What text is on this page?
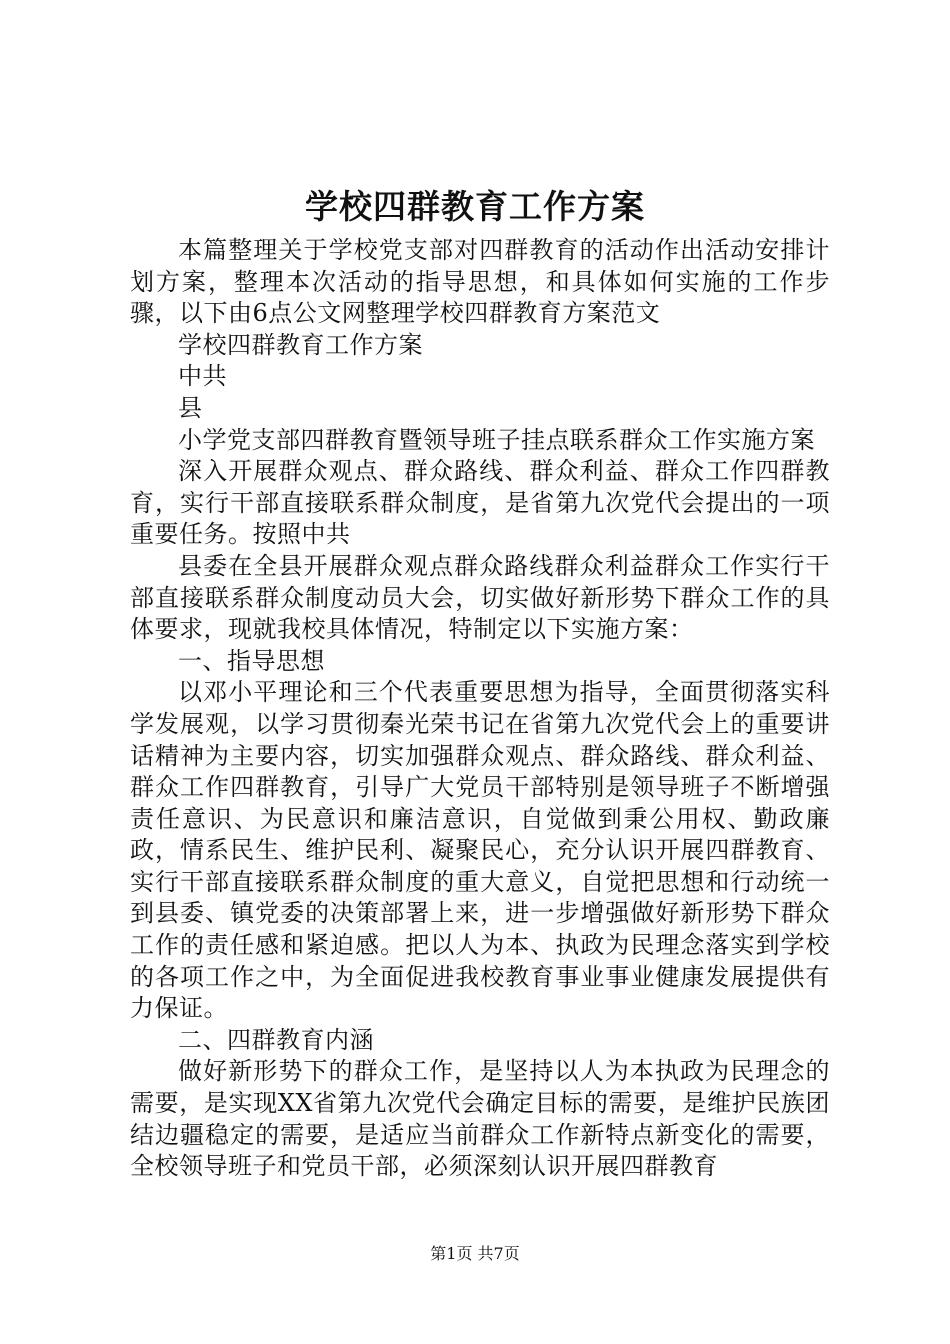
学校四群教育工作方案

本篇整理关于学校党支部对四群教育的活动作出活动安排计划方案，整理本次活动的指导思想，和具体如何实施的工作步骤，以下由6点公文网整理学校四群教育方案范文

学校四群教育工作方案

中共

县

小学党支部四群教育暨领导班子挂点联系群众工作实施方案

深入开展群众观点、群众路线、群众利益、群众工作四群教育，实行干部直接联系群众制度，是省第九次党代会提出的一项重要任务。按照中共

县委在全县开展群众观点群众路线群众利益群众工作实行干部直接联系群众制度动员大会，切实做好新形势下群众工作的具体要求，现就我校具体情况，特制定以下实施方案：

一、指导思想

以邓小平理论和三个代表重要思想为指导，全面贯彻落实科学发展观，以学习贯彻秦光荣书记在省第九次党代会上的重要讲话精神为主要内容，切实加强群众观点、群众路线、群众利益、群众工作四群教育，引导广大党员干部特别是领导班子不断增强责任意识、为民意识和廉洁意识，自觉做到秉公用权、勤政廉政，情系民生、维护民利、凝聚民心，充分认识开展四群教育、实行干部直接联系群众制度的重大意义，自觉把思想和行动统一到县委、镇党委的决策部署上来，进一步增强做好新形势下群众工作的责任感和紧迫感。把以人为本、执政为民理念落实到学校的各项工作之中，为全面促进我校教育事业事业健康发展提供有力保证。

二、四群教育内涵

做好新形势下的群众工作，是坚持以人为本执政为民理念的需要，是实现XX省第九次党代会确定目标的需要，是维护民族团结边疆稳定的需要，是适应当前群众工作新特点新变化的需要，全校领导班子和党员干部，必须深刻认识开展四群教育

第1页 共7页
